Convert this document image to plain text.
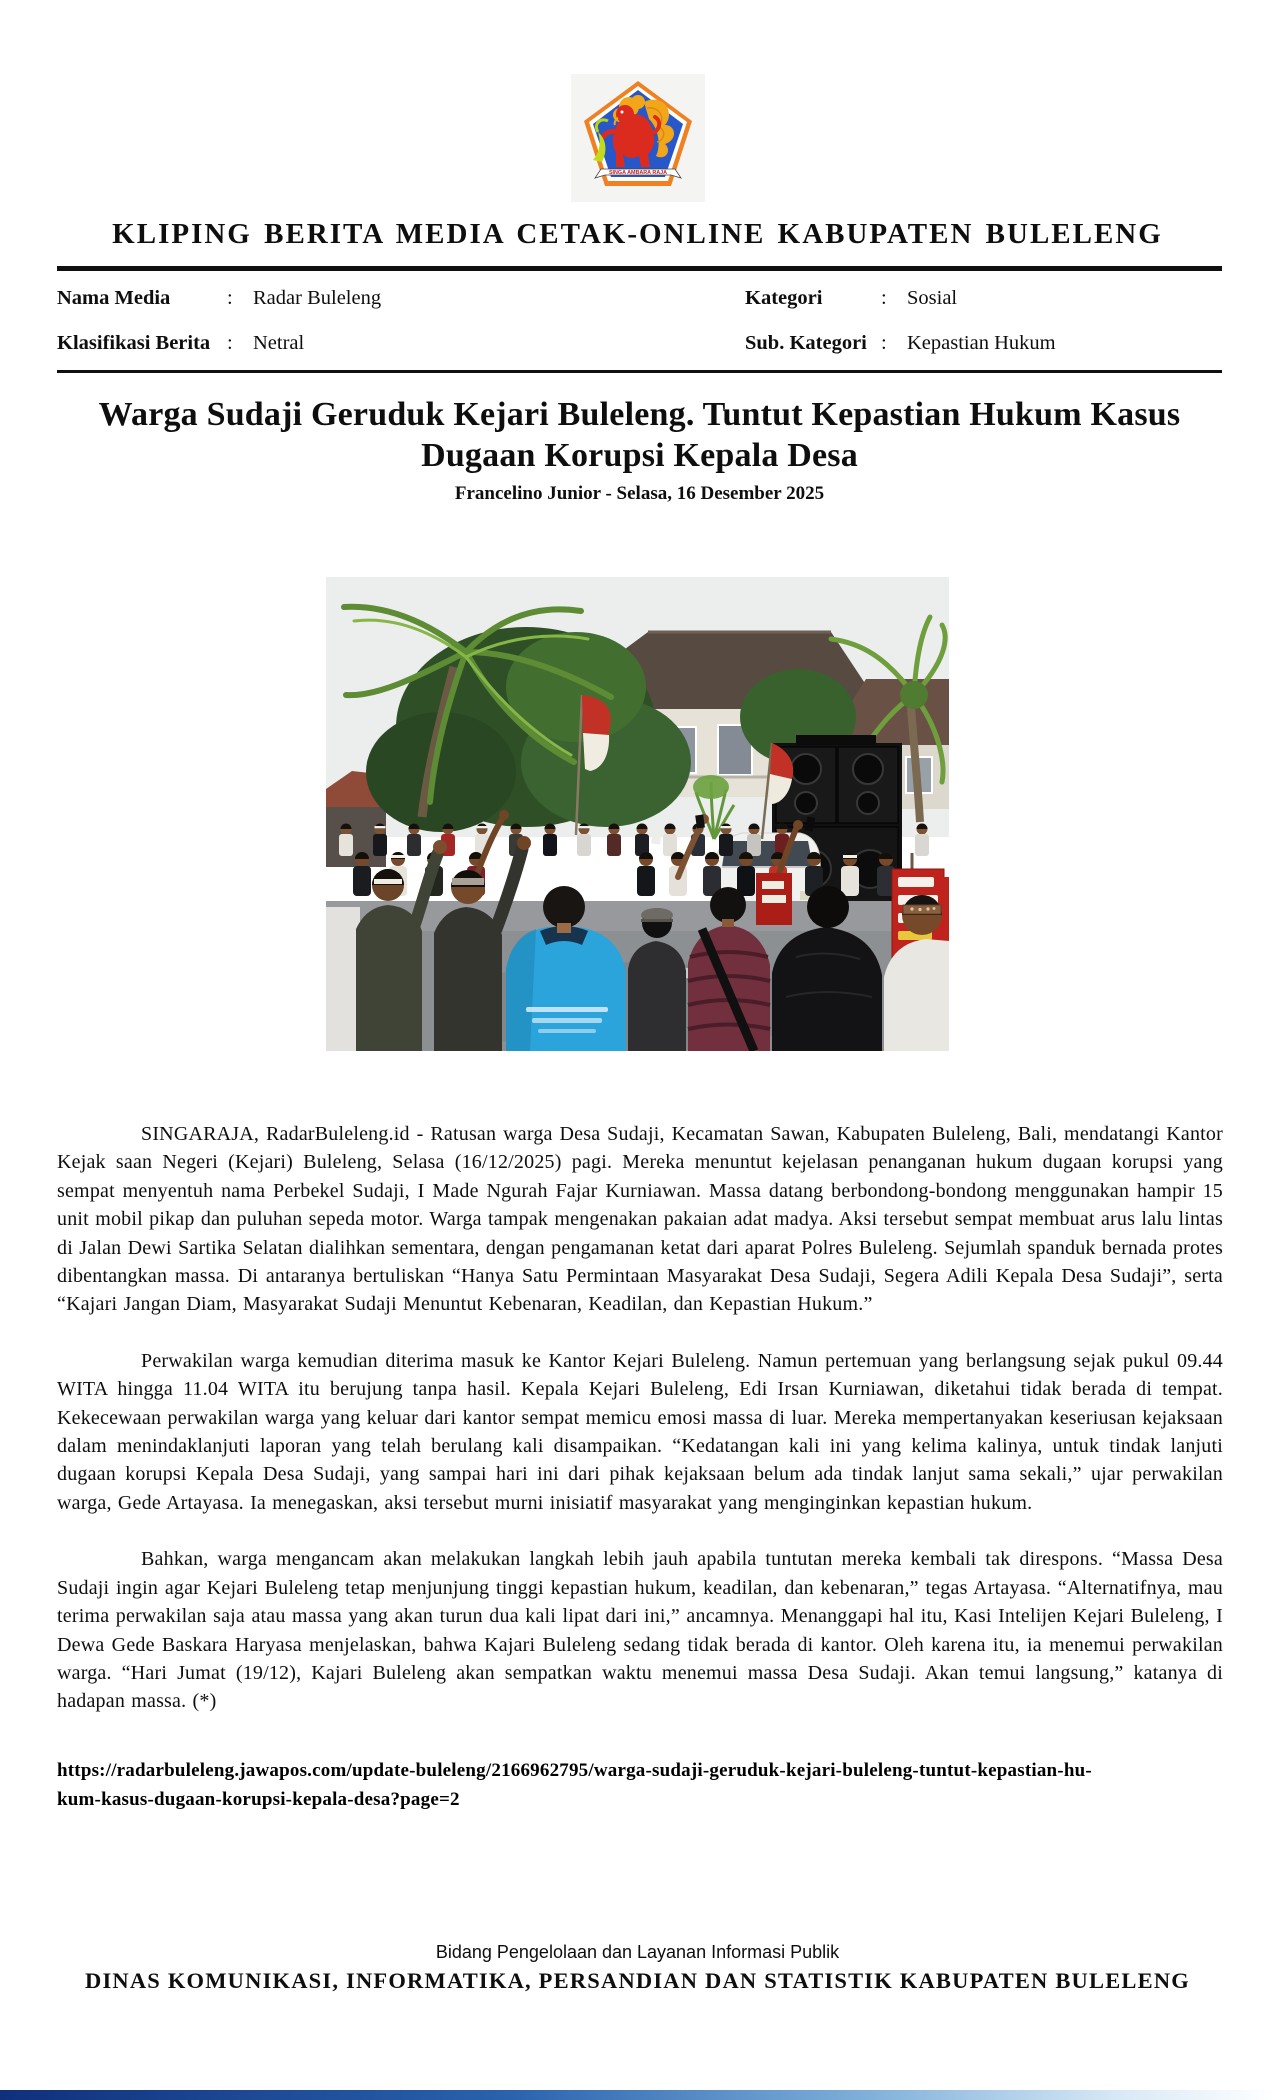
SINGA AMBARA RAJA
KLIPING BERITA MEDIA CETAK-ONLINE KABUPATEN BULELENG
Nama Media	: Radar Buleleng	Kategori	: Sosial
Klasifikasi Berita : Netral	Sub. Kategori : Kepastian Hukum
Warga Sudaji Geruduk Kejari Buleleng. Tuntut Kepastian Hukum Kasus Dugaan Korupsi Kepala Desa
Francelino Junior - Selasa, 16 Desember 2025

SINGARAJA, RadarBuleleng.id - Ratusan warga Desa Sudaji, Kecamatan Sawan, Kabupaten Buleleng, Bali, mendatangi Kantor Kejak saan Negeri (Kejari) Buleleng, Selasa (16/12/2025) pagi. Mereka menuntut kejelasan penanganan hukum dugaan korupsi yang sempat menyentuh nama Perbekel Sudaji, I Made Ngurah Fajar Kurniawan. Massa datang berbondong-bondong menggunakan hampir 15 unit mobil pikap dan puluhan sepeda motor. Warga tampak mengenakan pakaian adat madya. Aksi tersebut sempat membuat arus lalu lintas di Jalan Dewi Sartika Selatan dialihkan sementara, dengan pengamanan ketat dari aparat Polres Buleleng. Sejumlah spanduk bernada protes dibentangkan massa. Di antaranya bertuliskan “Hanya Satu Permintaan Masyarakat Desa Sudaji, Segera Adili Kepala Desa Sudaji”, serta “Kajari Jangan Diam, Masyarakat Sudaji Menuntut Kebenaran, Keadilan, dan Kepastian Hukum.”

Perwakilan warga kemudian diterima masuk ke Kantor Kejari Buleleng. Namun pertemuan yang berlangsung sejak pukul 09.44 WITA hingga 11.04 WITA itu berujung tanpa hasil. Kepala Kejari Buleleng, Edi Irsan Kurniawan, diketahui tidak berada di tempat. Kekecewaan perwakilan warga yang keluar dari kantor sempat memicu emosi massa di luar. Mereka mempertanyakan keseriusan kejaksaan dalam menindaklanjuti laporan yang telah berulang kali disampaikan. “Kedatangan kali ini yang kelima kalinya, untuk tindak lanjuti dugaan korupsi Kepala Desa Sudaji, yang sampai hari ini dari pihak kejaksaan belum ada tindak lanjut sama sekali,” ujar perwakilan warga, Gede Artayasa. Ia menegaskan, aksi tersebut murni inisiatif masyarakat yang menginginkan kepastian hukum.

Bahkan, warga mengancam akan melakukan langkah lebih jauh apabila tuntutan mereka kembali tak direspons. “Massa Desa Sudaji ingin agar Kejari Buleleng tetap menjunjung tinggi kepastian hukum, keadilan, dan kebenaran,” tegas Artayasa. “Alternatifnya, mau terima perwakilan saja atau massa yang akan turun dua kali lipat dari ini,” ancamnya. Menanggapi hal itu, Kasi Intelijen Kejari Buleleng, I Dewa Gede Baskara Haryasa menjelaskan, bahwa Kajari Buleleng sedang tidak berada di kantor. Oleh karena itu, ia menemui perwakilan warga. “Hari Jumat (19/12), Kajari Buleleng akan sempatkan waktu menemui massa Desa Sudaji. Akan temui langsung,” katanya di hadapan massa. (*)

https://radarbuleleng.jawapos.com/update-buleleng/2166962795/warga-sudaji-geruduk-kejari-buleleng-tuntut-kepastian-hu-
kum-kasus-dugaan-korupsi-kepala-desa?page=2
Bidang Pengelolaan dan Layanan Informasi Publik
DINAS KOMUNIKASI, INFORMATIKA, PERSANDIAN DAN STATISTIK KABUPATEN BULELENG
